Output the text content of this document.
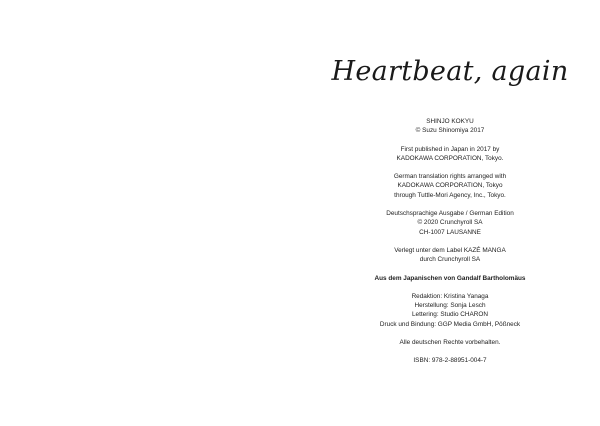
Heartbeat, again
SHINJO KOKYU
© Suzu Shinomiya 2017
First published in Japan in 2017 by
KADOKAWA CORPORATION, Tokyo.
German translation rights arranged with
KADOKAWA CORPORATION, Tokyo
through Tuttle-Mori Agency, Inc., Tokyo.
Deutschsprachige Ausgabe / German Edition
© 2020 Crunchyroll SA
CH-1007 LAUSANNE
Verlegt unter dem Label KAZÉ MANGA
durch Crunchyroll SA
Aus dem Japanischen von Gandalf Bartholomäus
Redaktion: Kristina Yanaga
Herstellung: Sonja Lesch
Lettering: Studio CHARON
Druck und Bindung: GGP Media GmbH, Pößneck
Alle deutschen Rechte vorbehalten.
ISBN: 978-2-88951-004-7
